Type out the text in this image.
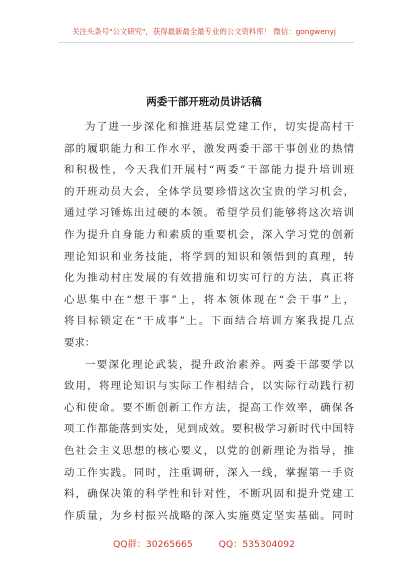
关注头条号"公文研究"，获得最新最全最专业的公文资料库！ 微信：gongwenyj
两委干部开班动员讲话稿
为了进一步深化和推进基层党建工作，切实提高村干
部的履职能力和工作水平，激发两委干部干事创业的热情
和积极性，今天我们开展村“两委”干部能力提升培训班
的开班动员大会，全体学员要珍惜这次宝贵的学习机会，
通过学习锤炼出过硬的本领。希望学员们能够将这次培训
作为提升自身能力和素质的重要机会，深入学习党的创新
理论知识和业务技能，将学到的知识和领悟到的真理，转
化为推动村庄发展的有效措施和切实可行的方法，真正将
心思集中在“想干事”上，将本领体现在“会干事”上，
将目标锁定在“干成事”上。下面结合培训方案我提几点
要求：
一要深化理论武装，提升政治素养。两委干部要学以
致用，将理论知识与实际工作相结合，以实际行动践行初
心和使命。要不断创新工作方法，提高工作效率，确保各
项工作都能落到实处，见到成效。要积极学习新时代中国特
色社会主义思想的核心要义，以党的创新理论为指导，推
动工作实践。同时，注重调研，深入一线，掌握第一手资
料，确保决策的科学性和针对性，不断巩固和提升党建工
作质量，为乡村振兴战略的深入实施奠定坚实基础。同时
QQ群：30265665	QQ：535304092
